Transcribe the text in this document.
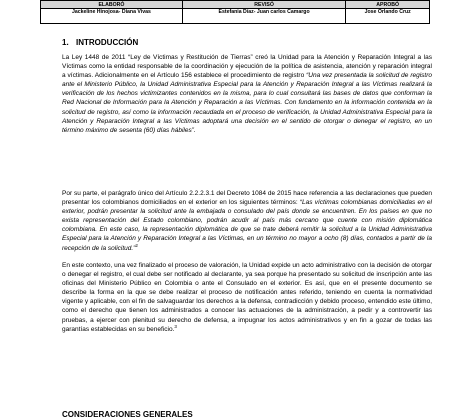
ELABORÓ	REVISÓ	APROBÓ
Jackeline Hinojosa- Diana Vivas	Estefania Díaz- Juan carlos Camargo	Jose Orlando Cruz
1. INTRODUCCIÓN

La Ley 1448 de 2011 “Ley de Víctimas y Restitución de Tierras” creó la Unidad para la Atención y Reparación Integral a las Víctimas como la entidad responsable de la coordinación y ejecución de la política de asistencia, atención y reparación integral a víctimas. Adicionalmente en el Artículo 156 establece el procedimiento de registro “Una vez presentada la solicitud de registro ante el Ministerio Público, la Unidad Administrativa Especial para la Atención y Reparación Integral a las Víctimas realizará la verificación de los hechos victimizantes contenidos en la misma, para lo cual consultará las bases de datos que conforman la Red Nacional de Información para la Atención y Reparación a las Víctimas. Con fundamento en la información contenida en la solicitud de registro, así como la información recaudada en el proceso de verificación, la Unidad Administrativa Especial para la Atención y Reparación Integral a las Víctimas adoptará una decisión en el sentido de otorgar o denegar el registro, en un término máximo de sesenta (60) días hábiles”.

Por su parte, el parágrafo único del Artículo 2.2.2.3.1 del Decreto 1084 de 2015 hace referencia a las declaraciones que pueden presentar los colombianos domiciliados en el exterior en los siguientes términos: “Las víctimas colombianas domiciliadas en el exterior, podrán presentar la solicitud ante la embajada o consulado del país donde se encuentren. En los países en que no exista representación del Estado colombiano, podrán acudir al país más cercano que cuente con misión diplomática colombiana. En este caso, la representación diplomática de que se trate deberá remitir la solicitud a la Unidad Administrativa Especial para la Atención y Reparación Integral a las Víctimas, en un término no mayor a ocho (8) días, contados a partir de la recepción de la solicitud.”$^2$

En este contexto, una vez finalizado el proceso de valoración, la Unidad expide un acto administrativo con la decisión de otorgar o denegar el registro, el cual debe ser notificado al declarante, ya sea porque ha presentado su solicitud de inscripción ante las oficinas del Ministerio Público en Colombia o ante el Consulado en el exterior. Es así, que en el presente documento se describe la forma en la que se debe realizar el proceso de notificación antes referido, teniendo en cuenta la normatividad vigente y aplicable, con el fin de salvaguardar los derechos a la defensa, contradicción y debido proceso, entendido este último, como el derecho que tienen los administrados a conocer las actuaciones de la administración, a pedir y a controvertir las pruebas, a ejercer con plenitud su derecho de defensa, a impugnar los actos administrativos y en fin a gozar de todas las garantías establecidas en su beneficio.$^3$

CONSIDERACIONES GENERALES
